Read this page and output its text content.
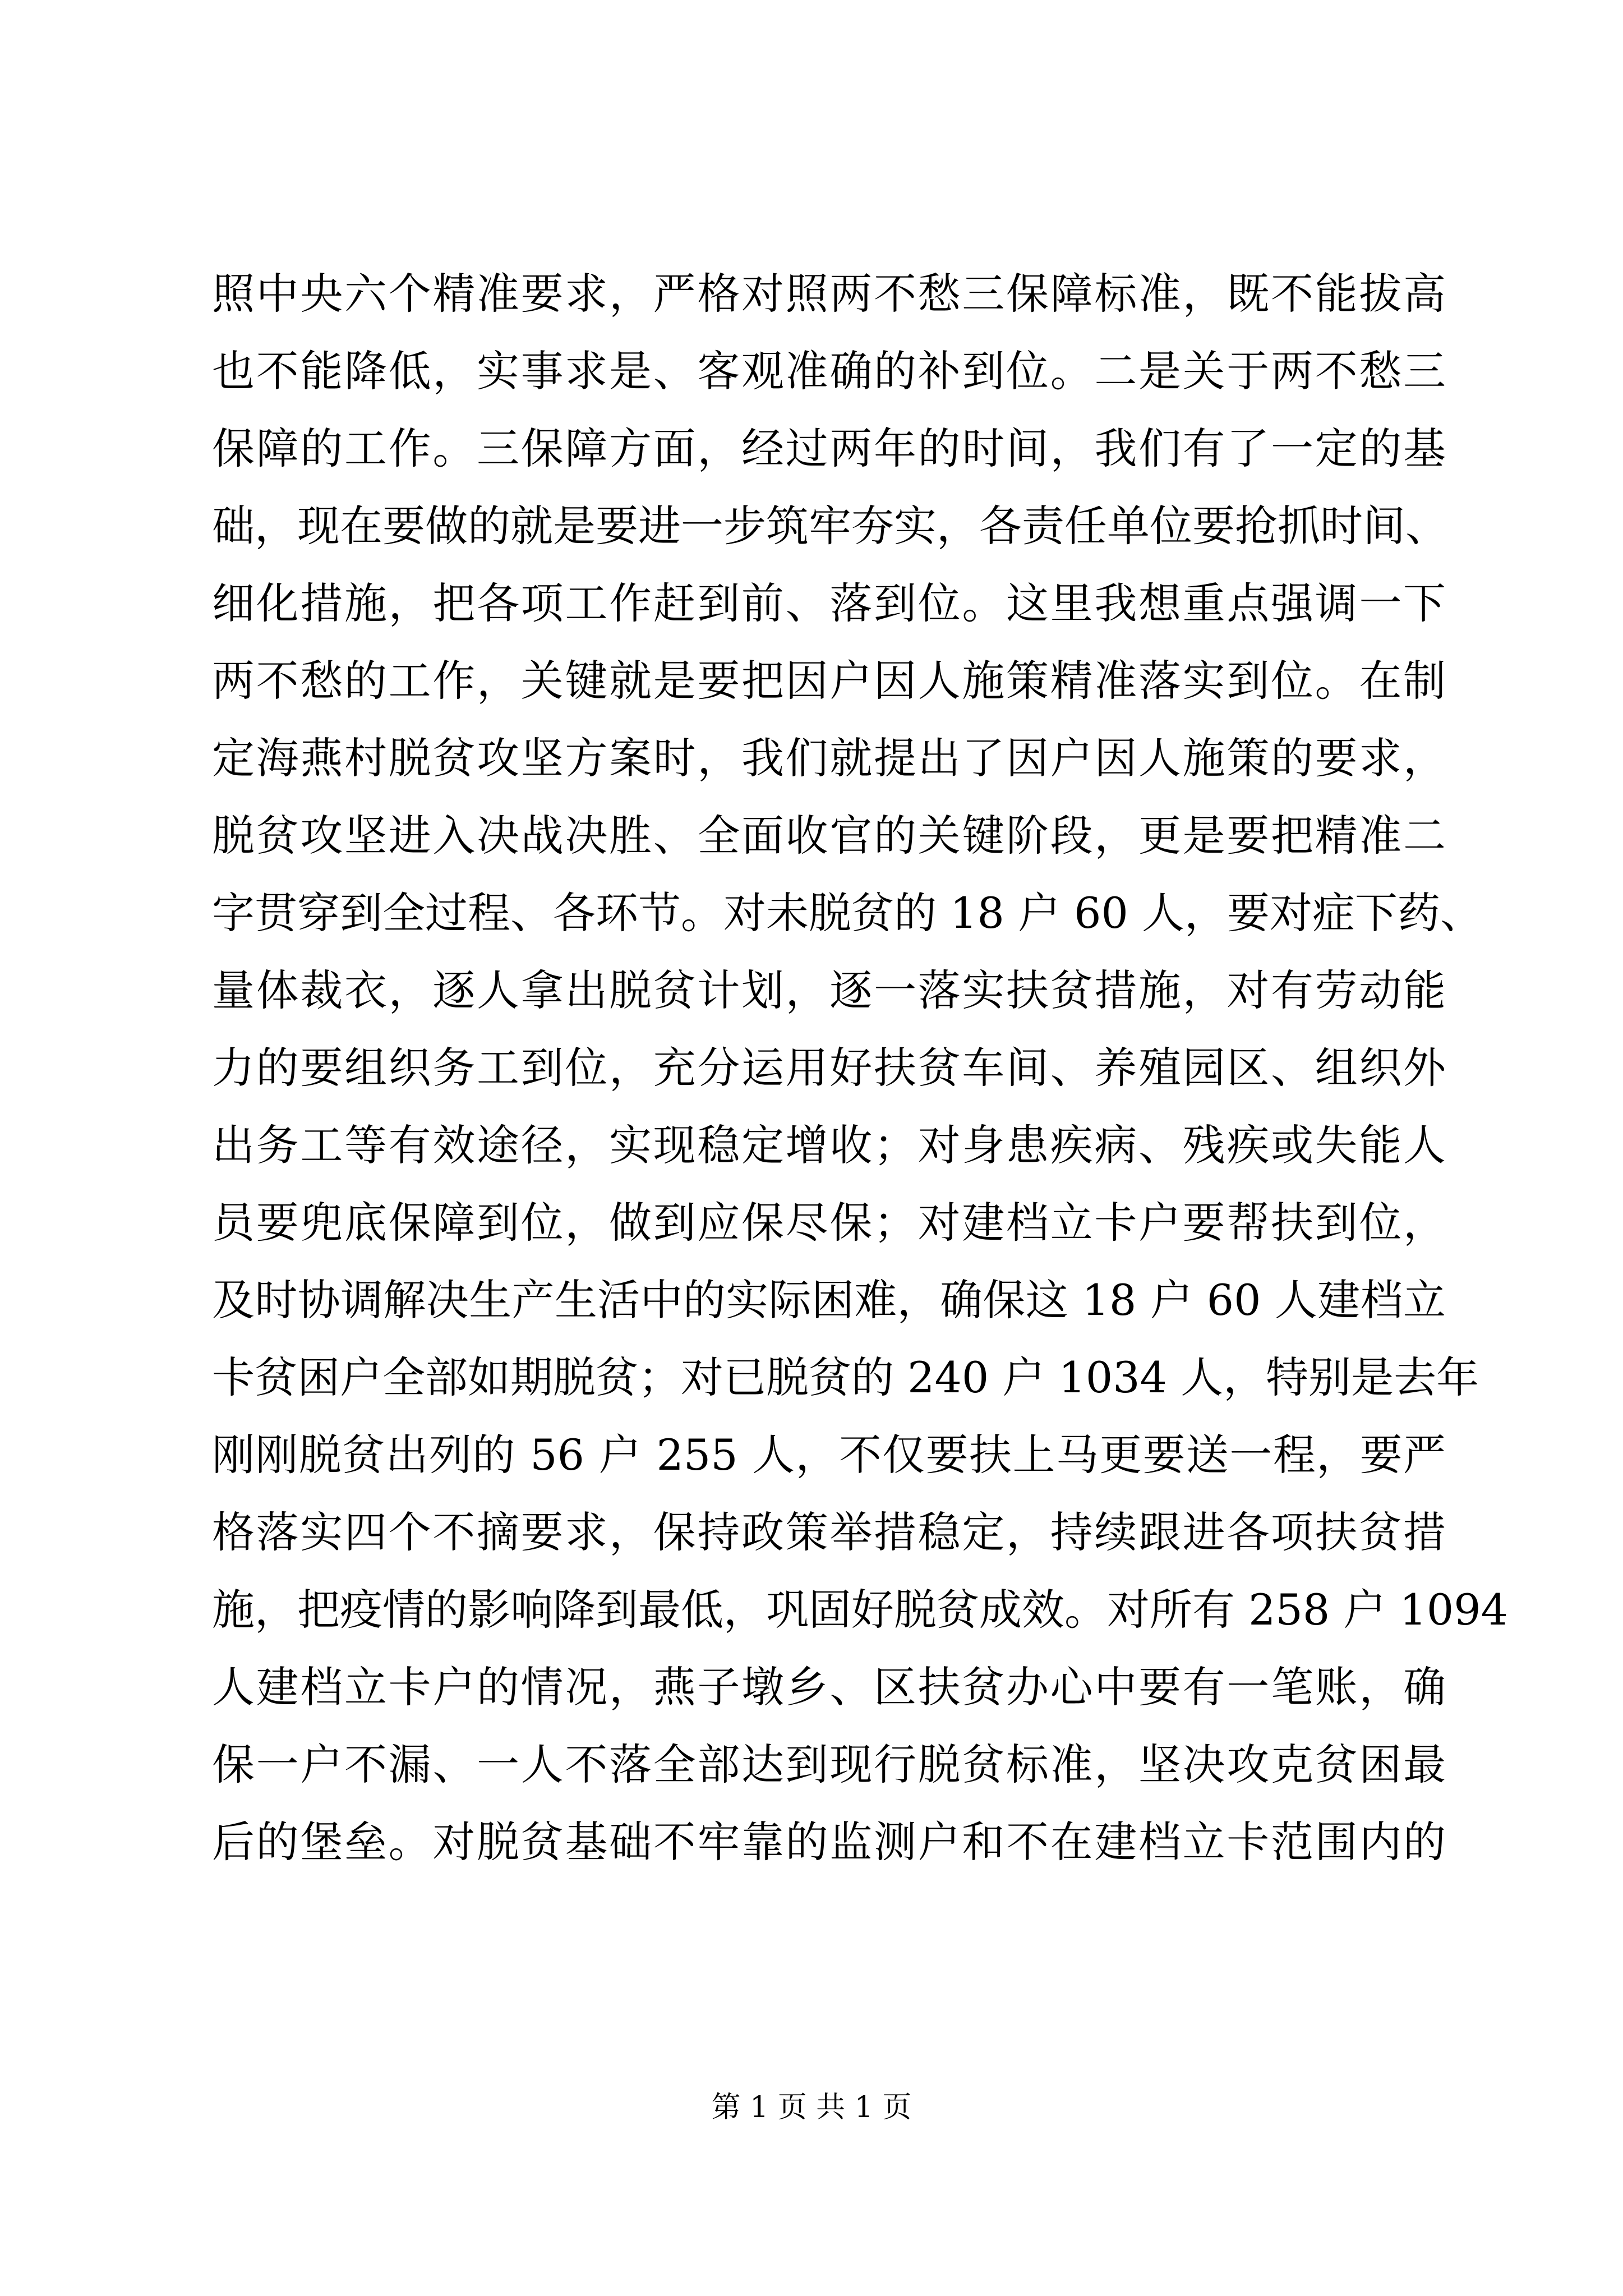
照中央六个精准要求，严格对照两不愁三保障标准，既不能拔高
也不能降低，实事求是、客观准确的补到位。二是关于两不愁三
保障的工作。三保障方面，经过两年的时间，我们有了一定的基
础，现在要做的就是要进一步筑牢夯实，各责任单位要抢抓时间、
细化措施，把各项工作赶到前、落到位。这里我想重点强调一下
两不愁的工作，关键就是要把因户因人施策精准落实到位。在制
定海燕村脱贫攻坚方案时，我们就提出了因户因人施策的要求，
脱贫攻坚进入决战决胜、全面收官的关键阶段，更是要把精准二
字贯穿到全过程、各环节。对未脱贫的 18 户 60 人，要对症下药、
量体裁衣，逐人拿出脱贫计划，逐一落实扶贫措施，对有劳动能
力的要组织务工到位，充分运用好扶贫车间、养殖园区、组织外
出务工等有效途径，实现稳定增收；对身患疾病、残疾或失能人
员要兜底保障到位，做到应保尽保；对建档立卡户要帮扶到位，
及时协调解决生产生活中的实际困难，确保这 18 户 60 人建档立
卡贫困户全部如期脱贫；对已脱贫的 240 户 1034 人，特别是去年
刚刚脱贫出列的 56 户 255 人，不仅要扶上马更要送一程，要严
格落实四个不摘要求，保持政策举措稳定，持续跟进各项扶贫措
施，把疫情的影响降到最低，巩固好脱贫成效。对所有 258 户 1094
人建档立卡户的情况，燕子墩乡、区扶贫办心中要有一笔账，确
保一户不漏、一人不落全部达到现行脱贫标准，坚决攻克贫困最
后的堡垒。对脱贫基础不牢靠的监测户和不在建档立卡范围内的
第 1 页 共 1 页
